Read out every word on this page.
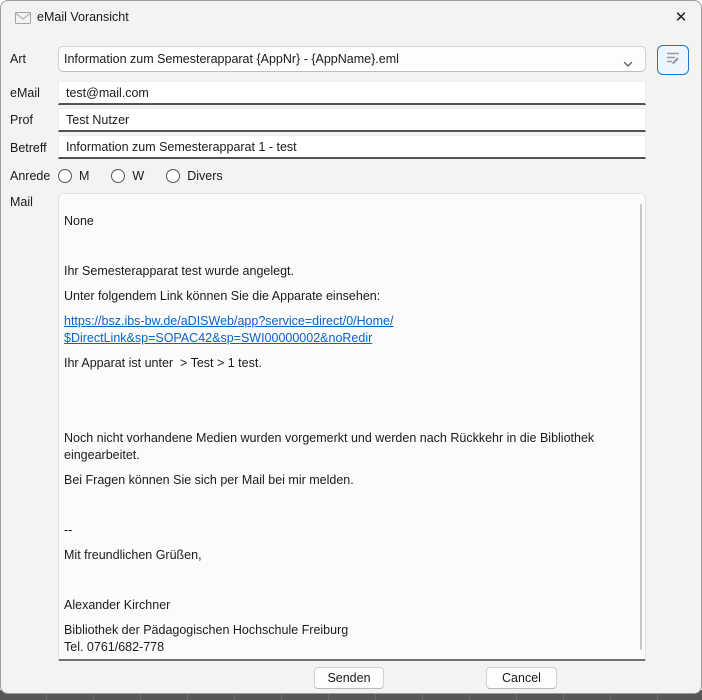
eMail Voransicht	✕
Art	Information zum Semesterapparat {AppNr} - {AppName}.eml
eMail
test@mail.com
Prof
Test Nutzer
Betreff
Information zum Semesterapparat 1 - test
Anrede M	W	Divers
Mail
None
Ihr Semesterapparat test wurde angelegt.
Unter folgendem Link können Sie die Apparate einsehen:
https://bsz.ibs-bw.de/aDISWeb/app?service=direct/0/Home/
$DirectLink&sp=SOPAC42&sp=SWI00000002&noRedir
Ihr Apparat ist unter  > Test > 1 test.
Noch nicht vorhandene Medien wurden vorgemerkt und werden nach Rückkehr in die Bibliothek
eingearbeitet.
Bei Fragen können Sie sich per Mail bei mir melden.
--
Mit freundlichen Grüßen,
Alexander Kirchner
Bibliothek der Pädagogischen Hochschule Freiburg
Tel. 0761/682-778
Senden	Cancel
